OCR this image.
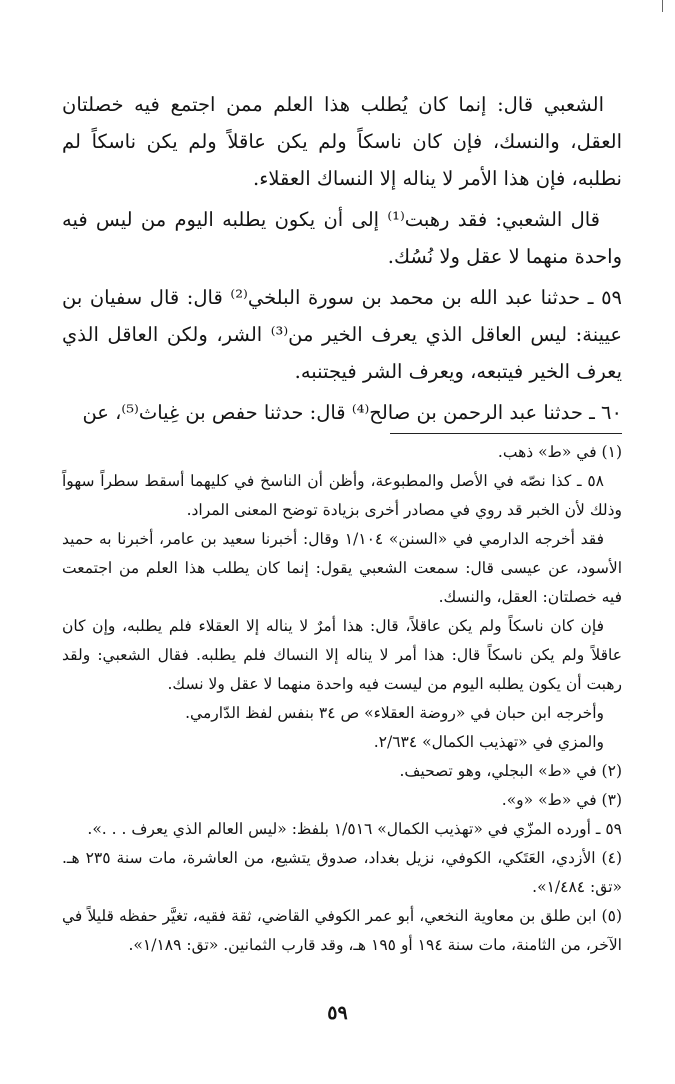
الشعبي قال: إنما كان يُطلب هذا العلم ممن اجتمع فيه خصلتان العقل، والنسك، فإن كان ناسكاً ولم يكن عاقلاً ولم يكن ناسكاً لم نطلبه، فإن هذا الأمر لا يناله إلا النساك العقلاء.

قال الشعبي: فقد رهبت⁽¹⁾ إلى أن يكون يطلبه اليوم من ليس فيه واحدة منهما لا عقل ولا نُسُك.

٥٩ ـ حدثنا عبد الله بن محمد بن سورة البلخي⁽²⁾ قال: قال سفيان بن عيينة: ليس العاقل الذي يعرف الخير من⁽³⁾ الشر، ولكن العاقل الذي يعرف الخير فيتبعه، ويعرف الشر فيجتنبه.

٦٠ ـ حدثنا عبد الرحمن بن صالح⁽⁴⁾ قال: حدثنا حفص بن غِياث⁽⁵⁾، عن

(١) في «ط» ذهب.

٥٨ ـ كذا نصّه في الأصل والمطبوعة، وأظن أن الناسخ في كليهما أسقط سطراً سهواً وذلك لأن الخبر قد روي في مصادر أخرى بزيادة توضح المعنى المراد.

فقد أخرجه الدارمي في «السنن» ١/١٠٤ وقال: أخبرنا سعيد بن عامر، أخبرنا به حميد الأسود، عن عيسى قال: سمعت الشعبي يقول: إنما كان يطلب هذا العلم من اجتمعت فيه خصلتان: العقل، والنسك.

فإن كان ناسكاً ولم يكن عاقلاً، قال: هذا أمرٌ لا يناله إلا العقلاء فلم يطلبه، وإن كان عاقلاً ولم يكن ناسكاً قال: هذا أمر لا يناله إلا النساك فلم يطلبه. فقال الشعبي: ولقد رهبت أن يكون يطلبه اليوم من ليست فيه واحدة منهما لا عقل ولا نسك.

وأخرجه ابن حبان في «روضة العقلاء» ص ٣٤ بنفس لفظ الدّارمي.

والمزي في «تهذيب الكمال» ٢/٦٣٤.

(٢) في «ط» البجلي، وهو تصحيف.

(٣) في «ط» «و».

٥٩ ـ أورده المزّي في «تهذيب الكمال» ١/٥١٦ بلفظ: «ليس العالم الذي يعرف . . .».

(٤) الأزدي، العَتَكي، الكوفي، نزيل بغداد، صدوق يتشيع، من العاشرة، مات سنة ٢٣٥ هـ. «تق: ١/٤٨٤».

(٥) ابن طلق بن معاوية النخعي، أبو عمر الكوفي القاضي، ثقة فقيه، تغيَّر حفظه قليلاً في الآخر، من الثامنة، مات سنة ١٩٤ أو ١٩٥ هـ، وقد قارب الثمانين. «تق: ١/١٨٩».

٥٩
